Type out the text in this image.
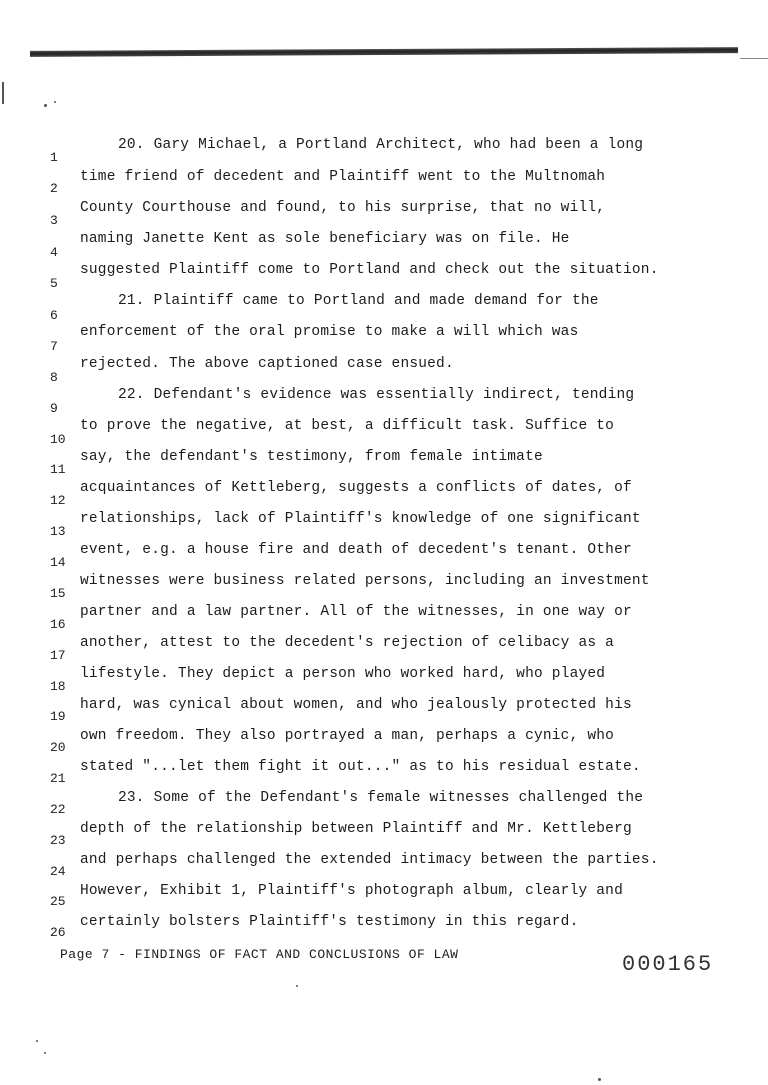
1
2
3
4
5
6
7
8
9
10
11
12
13
14
15
16
17
18
19
20
21
22
23
24
25
26
20. Gary Michael, a Portland Architect, who had been a long
time friend of decedent and Plaintiff went to the Multnomah
County Courthouse and found, to his surprise, that no will,
naming Janette Kent as sole beneficiary was on file. He
suggested Plaintiff come to Portland and check out the situation.
21. Plaintiff came to Portland and made demand for the
enforcement of the oral promise to make a will which was
rejected. The above captioned case ensued.
22. Defendant's evidence was essentially indirect, tending
to prove the negative, at best, a difficult task. Suffice to
say, the defendant's testimony, from female intimate
acquaintances of Kettleberg, suggests a conflicts of dates, of
relationships, lack of Plaintiff's knowledge of one significant
event, e.g. a house fire and death of decedent's tenant. Other
witnesses were business related persons, including an investment
partner and a law partner. All of the witnesses, in one way or
another, attest to the decedent's rejection of celibacy as a
lifestyle. They depict a person who worked hard, who played
hard, was cynical about women, and who jealously protected his
own freedom. They also portrayed a man, perhaps a cynic, who
stated "...let them fight it out..." as to his residual estate.
23. Some of the Defendant's female witnesses challenged the
depth of the relationship between Plaintiff and Mr. Kettleberg
and perhaps challenged the extended intimacy between the parties.
However, Exhibit 1, Plaintiff's photograph album, clearly and
certainly bolsters Plaintiff's testimony in this regard.
Page 7 - FINDINGS OF FACT AND CONCLUSIONS OF LAW	000165
